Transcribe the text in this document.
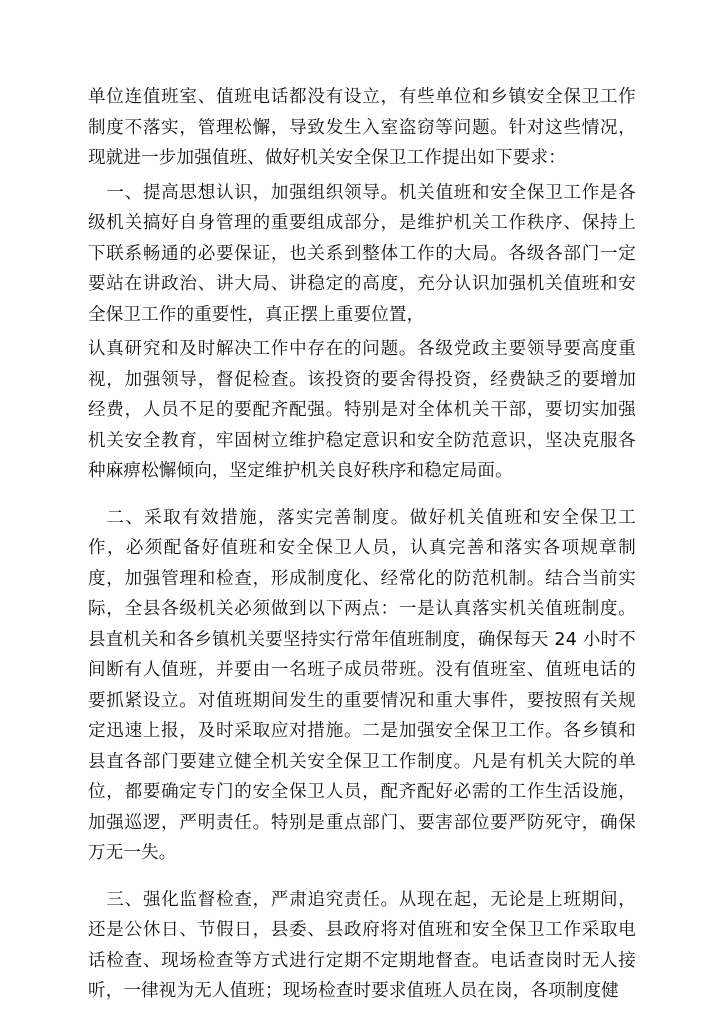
单位连值班室、值班电话都没有设立，有些单位和乡镇安全保卫工作制度不落实，管理松懈，导致发生入室盗窃等问题。针对这些情况，现就进一步加强值班、做好机关安全保卫工作提出如下要求：

一、提高思想认识，加强组织领导。机关值班和安全保卫工作是各级机关搞好自身管理的重要组成部分，是维护机关工作秩序、保持上下联系畅通的必要保证，也关系到整体工作的大局。各级各部门一定要站在讲政治、讲大局、讲稳定的高度，充分认识加强机关值班和安全保卫工作的重要性，真正摆上重要位置，

认真研究和及时解决工作中存在的问题。各级党政主要领导要高度重视，加强领导，督促检查。该投资的要舍得投资，经费缺乏的要增加经费，人员不足的要配齐配强。特别是对全体机关干部，要切实加强机关安全教育，牢固树立维护稳定意识和安全防范意识，坚决克服各种麻痹松懈倾向，坚定维护机关良好秩序和稳定局面。

二、采取有效措施，落实完善制度。做好机关值班和安全保卫工作，必须配备好值班和安全保卫人员，认真完善和落实各项规章制度，加强管理和检查，形成制度化、经常化的防范机制。结合当前实际，全县各级机关必须做到以下两点：一是认真落实机关值班制度。县直机关和各乡镇机关要坚持实行常年值班制度，确保每天 24 小时不间断有人值班，并要由一名班子成员带班。没有值班室、值班电话的要抓紧设立。对值班期间发生的重要情况和重大事件，要按照有关规定迅速上报，及时采取应对措施。二是加强安全保卫工作。各乡镇和县直各部门要建立健全机关安全保卫工作制度。凡是有机关大院的单位，都要确定专门的安全保卫人员，配齐配好必需的工作生活设施，加强巡逻，严明责任。特别是重点部门、要害部位要严防死守，确保万无一失。

三、强化监督检查，严肃追究责任。从现在起，无论是上班期间，还是公休日、节假日，县委、县政府将对值班和安全保卫工作采取电话检查、现场检查等方式进行定期不定期地督查。电话查岗时无人接听，一律视为无人值班；现场检查时要求值班人员在岗，各项制度健
